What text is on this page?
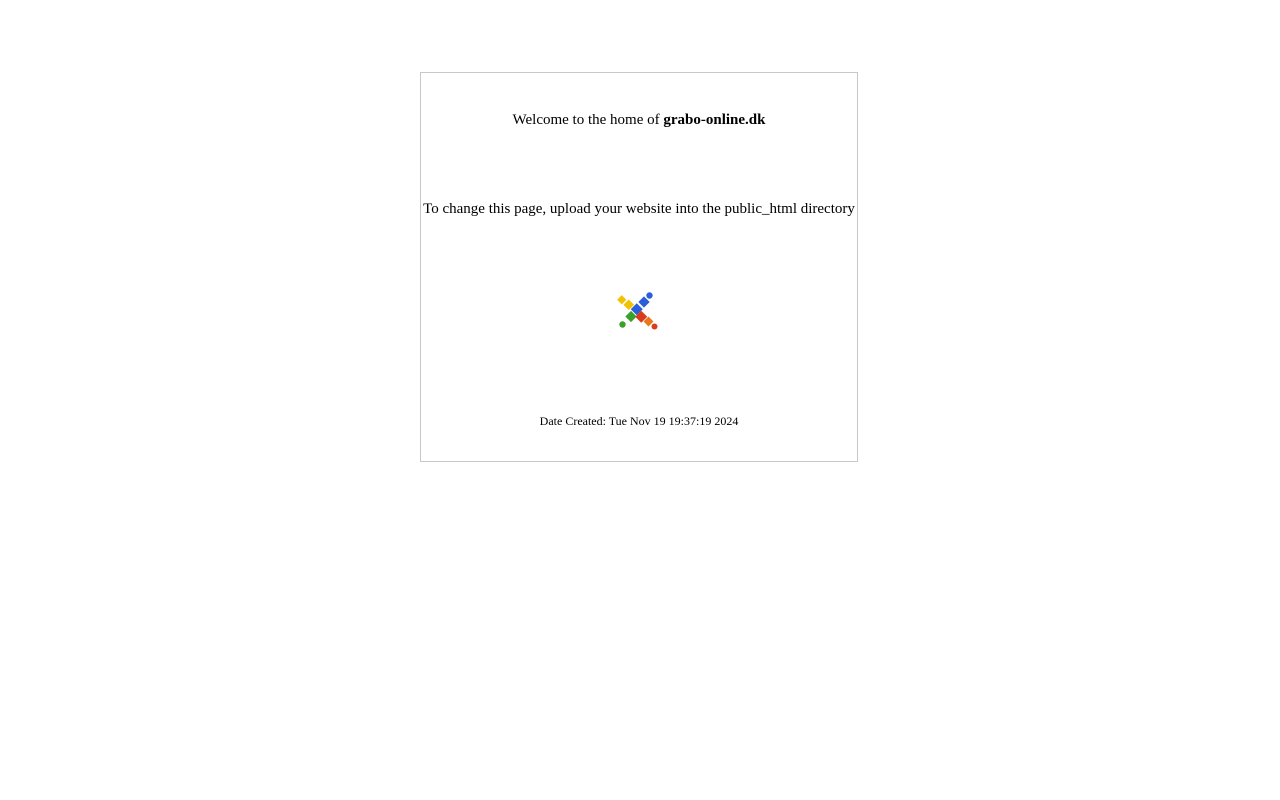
Welcome to the home of grabo-online.dk
To change this page, upload your website into the public_html directory
Date Created: Tue Nov 19 19:37:19 2024
